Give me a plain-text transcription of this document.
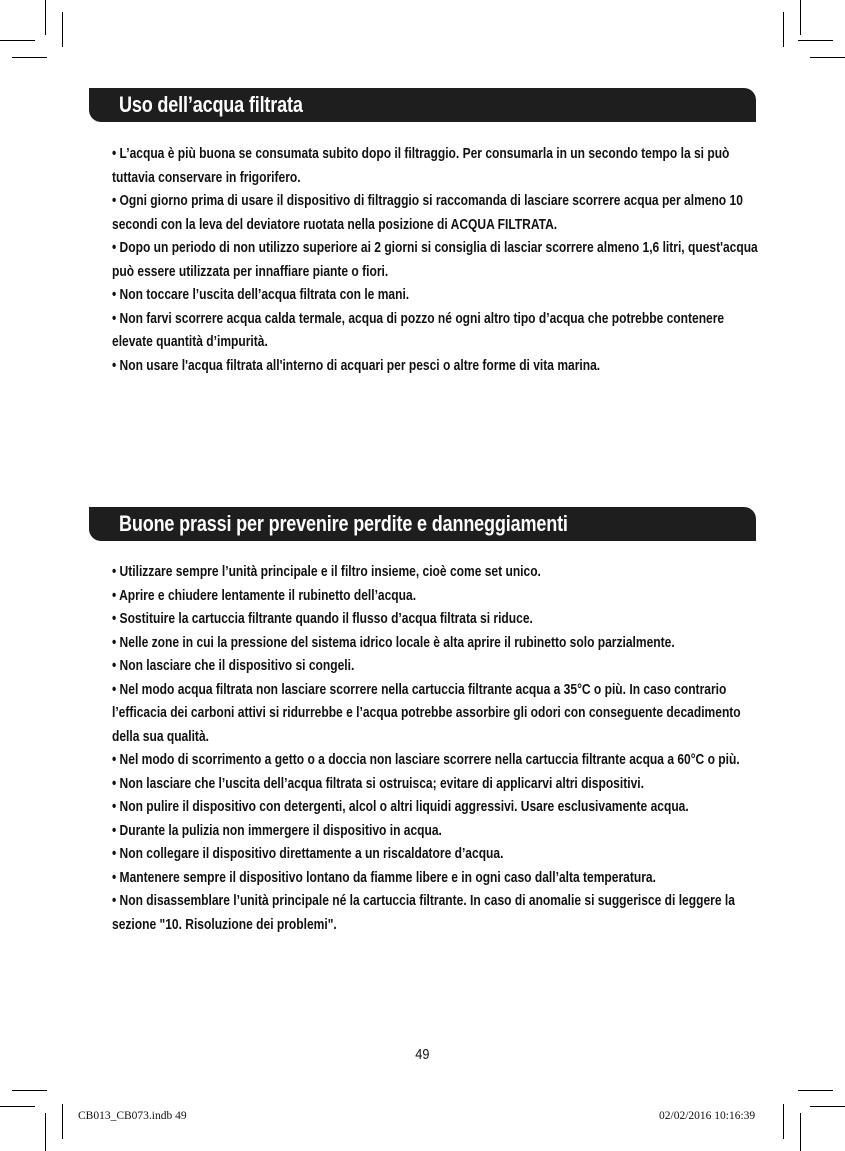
Uso dell’acqua filtrata
• L’acqua è più buona se consumata subito dopo il filtraggio. Per consumarla in un secondo tempo la si può tuttavia conservare in frigorifero.
• Ogni giorno prima di usare il dispositivo di filtraggio si raccomanda di lasciare scorrere acqua per almeno 10 secondi con la leva del deviatore ruotata nella posizione di ACQUA FILTRATA.
• Dopo un periodo di non utilizzo superiore ai 2 giorni si consiglia di lasciar scorrere almeno 1,6 litri, quest'acqua può essere utilizzata per innaffiare piante o fiori.
• Non toccare l’uscita dell’acqua filtrata con le mani.
• Non farvi scorrere acqua calda termale, acqua di pozzo né ogni altro tipo d’acqua che potrebbe contenere elevate quantità d’impurità.
• Non usare l'acqua filtrata all'interno di acquari per pesci o altre forme di vita marina.
Buone prassi per prevenire perdite e danneggiamenti
• Utilizzare sempre l’unità principale e il filtro insieme, cioè come set unico.
• Aprire e chiudere lentamente il rubinetto dell’acqua.
• Sostituire la cartuccia filtrante quando il flusso d’acqua filtrata si riduce.
• Nelle zone in cui la pressione del sistema idrico locale è alta aprire il rubinetto solo parzialmente.
• Non lasciare che il dispositivo si congeli.
• Nel modo acqua filtrata non lasciare scorrere nella cartuccia filtrante acqua a 35°C o più. In caso contrario l’efficacia dei carboni attivi si ridurrebbe e l’acqua potrebbe assorbire gli odori con conseguente decadimento della sua qualità.
• Nel modo di scorrimento a getto o a doccia non lasciare scorrere nella cartuccia filtrante acqua a 60°C o più.
• Non lasciare che l’uscita dell’acqua filtrata si ostruisca; evitare di applicarvi altri dispositivi.
• Non pulire il dispositivo con detergenti, alcol o altri liquidi aggressivi. Usare esclusivamente acqua.
• Durante la pulizia non immergere il dispositivo in acqua.
• Non collegare il dispositivo direttamente a un riscaldatore d’acqua.
• Mantenere sempre il dispositivo lontano da fiamme libere e in ogni caso dall’alta temperatura.
• Non disassemblare l’unità principale né la cartuccia filtrante. In caso di anomalie si suggerisce di leggere la sezione "10. Risoluzione dei problemi".
49
CB013_CB073.indb 49	02/02/2016 10:16:39
